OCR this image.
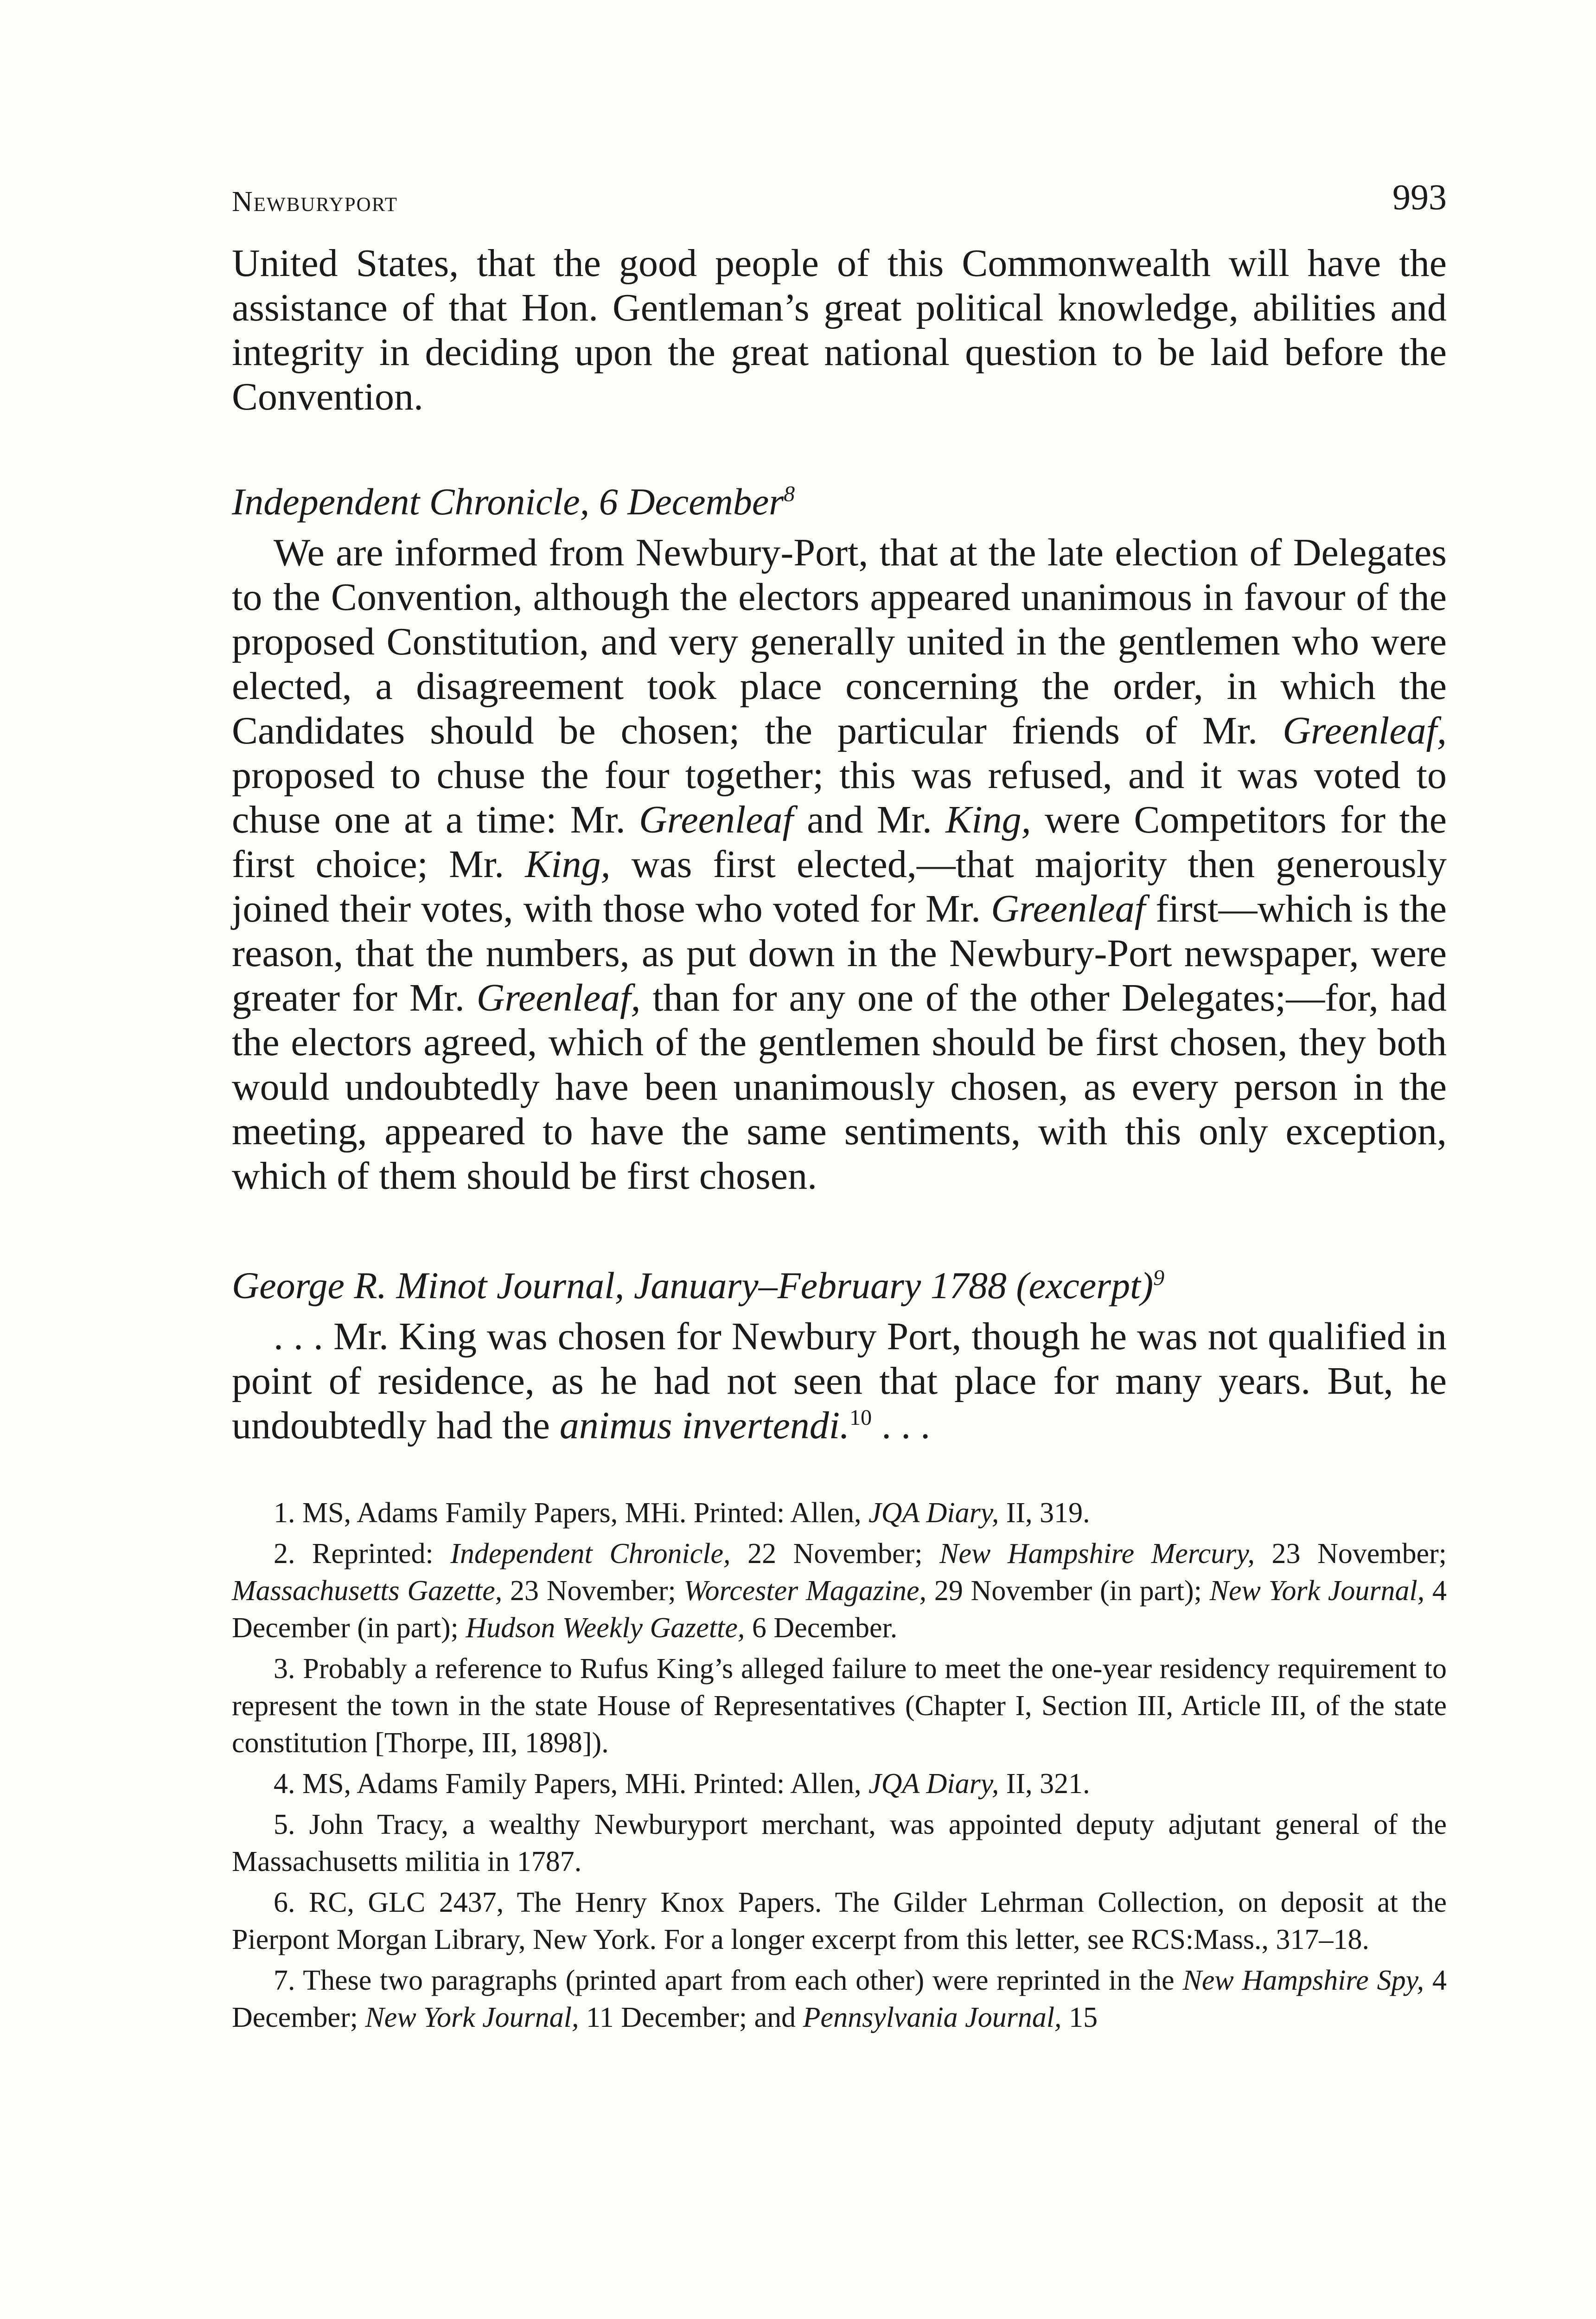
Newburyport	993

United States, that the good people of this Commonwealth will have the assistance of that Hon. Gentleman’s great political knowledge, abilities and integrity in deciding upon the great national question to be laid before the Convention.

Independent Chronicle, 6 December$^8$

We are informed from Newbury-Port, that at the late election of Delegates to the Convention, although the electors appeared unanimous in favour of the proposed Constitution, and very generally united in the gentlemen who were elected, a disagreement took place concerning the order, in which the Candidates should be chosen; the particular friends of Mr. Greenleaf, proposed to chuse the four together; this was refused, and it was voted to chuse one at a time: Mr. Greenleaf and Mr. King, were Competitors for the first choice; Mr. King, was first elected,—that majority then generously joined their votes, with those who voted for Mr. Greenleaf first—which is the reason, that the numbers, as put down in the Newbury-Port newspaper, were greater for Mr. Greenleaf, than for any one of the other Delegates;—for, had the electors agreed, which of the gentlemen should be first chosen, they both would undoubtedly have been unanimously chosen, as every person in the meeting, appeared to have the same sentiments, with this only exception, which of them should be first chosen.

George R. Minot Journal, January–February 1788 (excerpt)$^9$

. . . Mr. King was chosen for Newbury Port, though he was not qualified in point of residence, as he had not seen that place for many years. But, he undoubtedly had the animus invertendi.$^{10}$ . . .

1. MS, Adams Family Papers, MHi. Printed: Allen, JQA Diary, II, 319.

2. Reprinted: Independent Chronicle, 22 November; New Hampshire Mercury, 23 November; Massachusetts Gazette, 23 November; Worcester Magazine, 29 November (in part); New York Journal, 4 December (in part); Hudson Weekly Gazette, 6 December.

3. Probably a reference to Rufus King’s alleged failure to meet the one-year residency requirement to represent the town in the state House of Representatives (Chapter I, Section III, Article III, of the state constitution [Thorpe, III, 1898]).

4. MS, Adams Family Papers, MHi. Printed: Allen, JQA Diary, II, 321.

5. John Tracy, a wealthy Newburyport merchant, was appointed deputy adjutant general of the Massachusetts militia in 1787.

6. RC, GLC 2437, The Henry Knox Papers. The Gilder Lehrman Collection, on deposit at the Pierpont Morgan Library, New York. For a longer excerpt from this letter, see RCS:Mass., 317–18.

7. These two paragraphs (printed apart from each other) were reprinted in the New Hampshire Spy, 4 December; New York Journal, 11 December; and Pennsylvania Journal, 15
